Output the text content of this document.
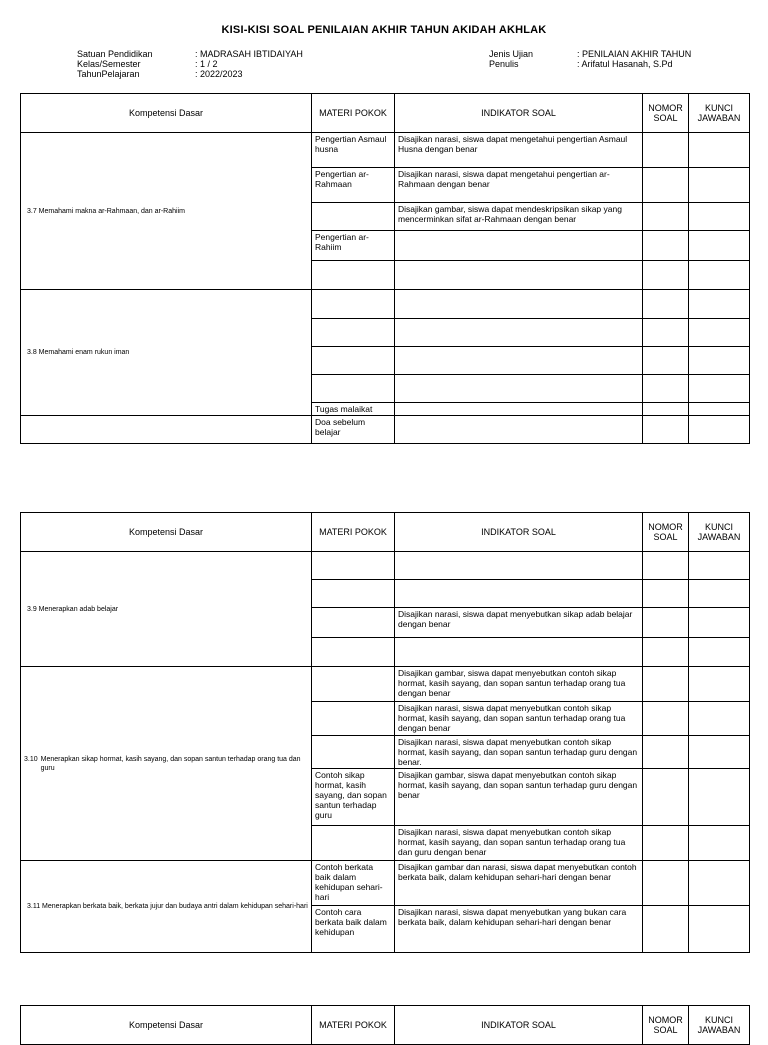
KISI-KISI SOAL PENILAIAN AKHIR TAHUN AKIDAH AKHLAK
Satuan Pendidikan	: MADRASAH IBTIDAIYAH
Kelas/Semester	: 1 / 2
TahunPelajaran	: 2022/2023
Jenis Ujian	: PENILAIAN AKHIR TAHUN
Penulis	: Arifatul Hasanah, S.Pd
Kompetensi Dasar	MATERI POKOK	INDIKATOR SOAL	NOMOR SOAL	KUNCI JAWABAN

3.7 Memahami makna ar-Rahmaan, dan ar-Rahiim	Pengertian Asmaul husna	Disajikan narasi, siswa dapat mengetahui pengertian Asmaul Husna dengan benar		
	Pengertian ar-Rahmaan	Disajikan narasi, siswa dapat mengetahui pengertian ar-Rahmaan dengan benar		
		Disajikan gambar, siswa dapat mendeskripsikan sikap yang mencerminkan sifat ar-Rahmaan dengan benar		
	Pengertian ar-Rahiim			

3.8 Memahami enam rukun iman				

	Tugas malaikat			
	Doa sebelum belajar			
Kompetensi Dasar	MATERI POKOK	INDIKATOR SOAL	NOMOR SOAL	KUNCI JAWABAN

3.9 Menerapkan adab belajar				

		Disajikan narasi, siswa dapat menyebutkan sikap adab belajar dengan benar		

3.10 Menerapkan sikap hormat, kasih sayang, dan sopan santun terhadap orang tua dan guru		Disajikan gambar, siswa dapat menyebutkan contoh sikap hormat, kasih sayang, dan sopan santun terhadap orang tua dengan benar		
		Disajikan narasi, siswa dapat menyebutkan contoh sikap hormat, kasih sayang, dan sopan santun terhadap orang tua dengan benar		
		Disajikan narasi, siswa dapat menyebutkan contoh sikap hormat, kasih sayang, dan sopan santun terhadap guru dengan benar.		
	Contoh sikap hormat, kasih sayang, dan sopan santun terhadap guru	Disajikan gambar, siswa dapat menyebutkan contoh sikap hormat, kasih sayang, dan sopan santun terhadap guru dengan benar		
		Disajikan narasi, siswa dapat menyebutkan contoh sikap hormat, kasih sayang, dan sopan santun terhadap orang tua dan guru dengan benar		

3.11 Menerapkan berkata baik, berkata jujur dan budaya antri dalam kehidupan sehari-hari	Contoh berkata baik dalam kehidupan sehari-hari	Disajikan gambar dan narasi, siswa dapat menyebutkan contoh berkata baik, dalam kehidupan sehari-hari dengan benar		
	Contoh cara berkata baik dalam kehidupan	Disajikan narasi, siswa dapat menyebutkan yang bukan cara berkata baik, dalam kehidupan sehari-hari dengan benar		
Kompetensi Dasar	MATERI POKOK	INDIKATOR SOAL	NOMOR SOAL	KUNCI JAWABAN
